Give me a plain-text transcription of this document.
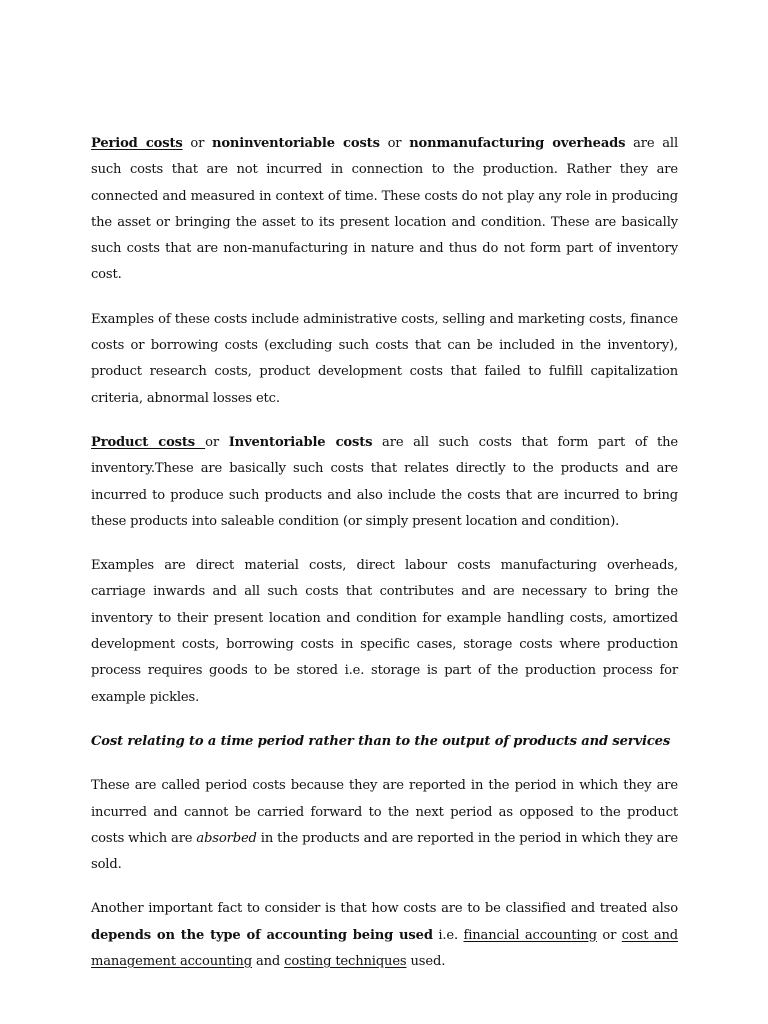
Period costs or noninventoriable costs or nonmanufacturing overheads are all such costs that are not incurred in connection to the production. Rather they are connected and measured in context of time. These costs do not play any role in producing the asset or bringing the asset to its present location and condition. These are basically such costs that are non-manufacturing in nature and thus do not form part of inventory cost.

Examples of these costs include administrative costs, selling and marketing costs, finance costs or borrowing costs (excluding such costs that can be included in the inventory), product research costs, product development costs that failed to fulfill capitalization criteria, abnormal losses etc.

Product costs or Inventoriable costs are all such costs that form part of the inventory.These are basically such costs that relates directly to the products and are incurred to produce such products and also include the costs that are incurred to bring these products into saleable condition (or simply present location and condition).

Examples are direct material costs, direct labour costs manufacturing overheads, carriage inwards and all such costs that contributes and are necessary to bring the inventory to their present location and condition for example handling costs, amortized development costs, borrowing costs in specific cases, storage costs where production process requires goods to be stored i.e. storage is part of the production process for example pickles.

Cost relating to a time period rather than to the output of products and services

These are called period costs because they are reported in the period in which they are incurred and cannot be carried forward to the next period as opposed to the product costs which are absorbed in the products and are reported in the period in which they are sold.

Another important fact to consider is that how costs are to be classified and treated also depends on the type of accounting being used i.e. financial accounting or cost and management accounting and costing techniques used.
